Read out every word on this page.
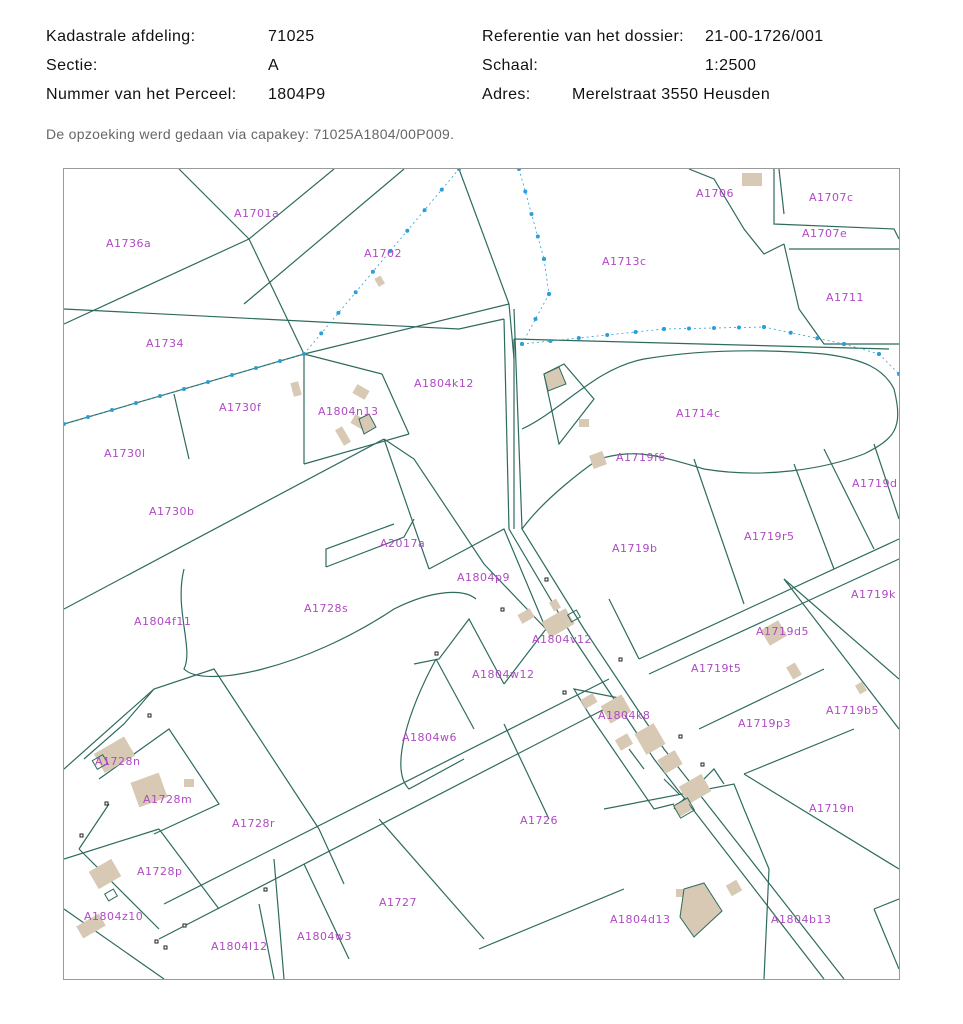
Kadastrale afdeling:	71025	Referentie van het dossier: 21-00-1726/001
Sectie:	A	Schaal:	1:2500
Nummer van het Perceel: 1804P9	Adres:	Merelstraat 3550 Heusden
De opzoeking werd gedaan via capakey: 71025A1804/00P009.
A1701a
A1736a
A1702
A1706	A1707c
A1707e
A1713c
A1711
A1734
A1804k12
A1730f	A1804n13	A1714c
A1730l	A1719f6
A1719d
A1730b
A2017a	A1719b
A1719r5
A1804p9
A1728s
A1719k
A1804f11
A1804v12
A1719d5
A1719t5
A1804w12
A1804k8	A1719b5
A1719p3
A1804w6
A1728n
A1728m
A1719n
A1728r	A1726
A1728p
A1727
A1804z10	A1804d13	A1804b13
A1804w3
A1804l12
